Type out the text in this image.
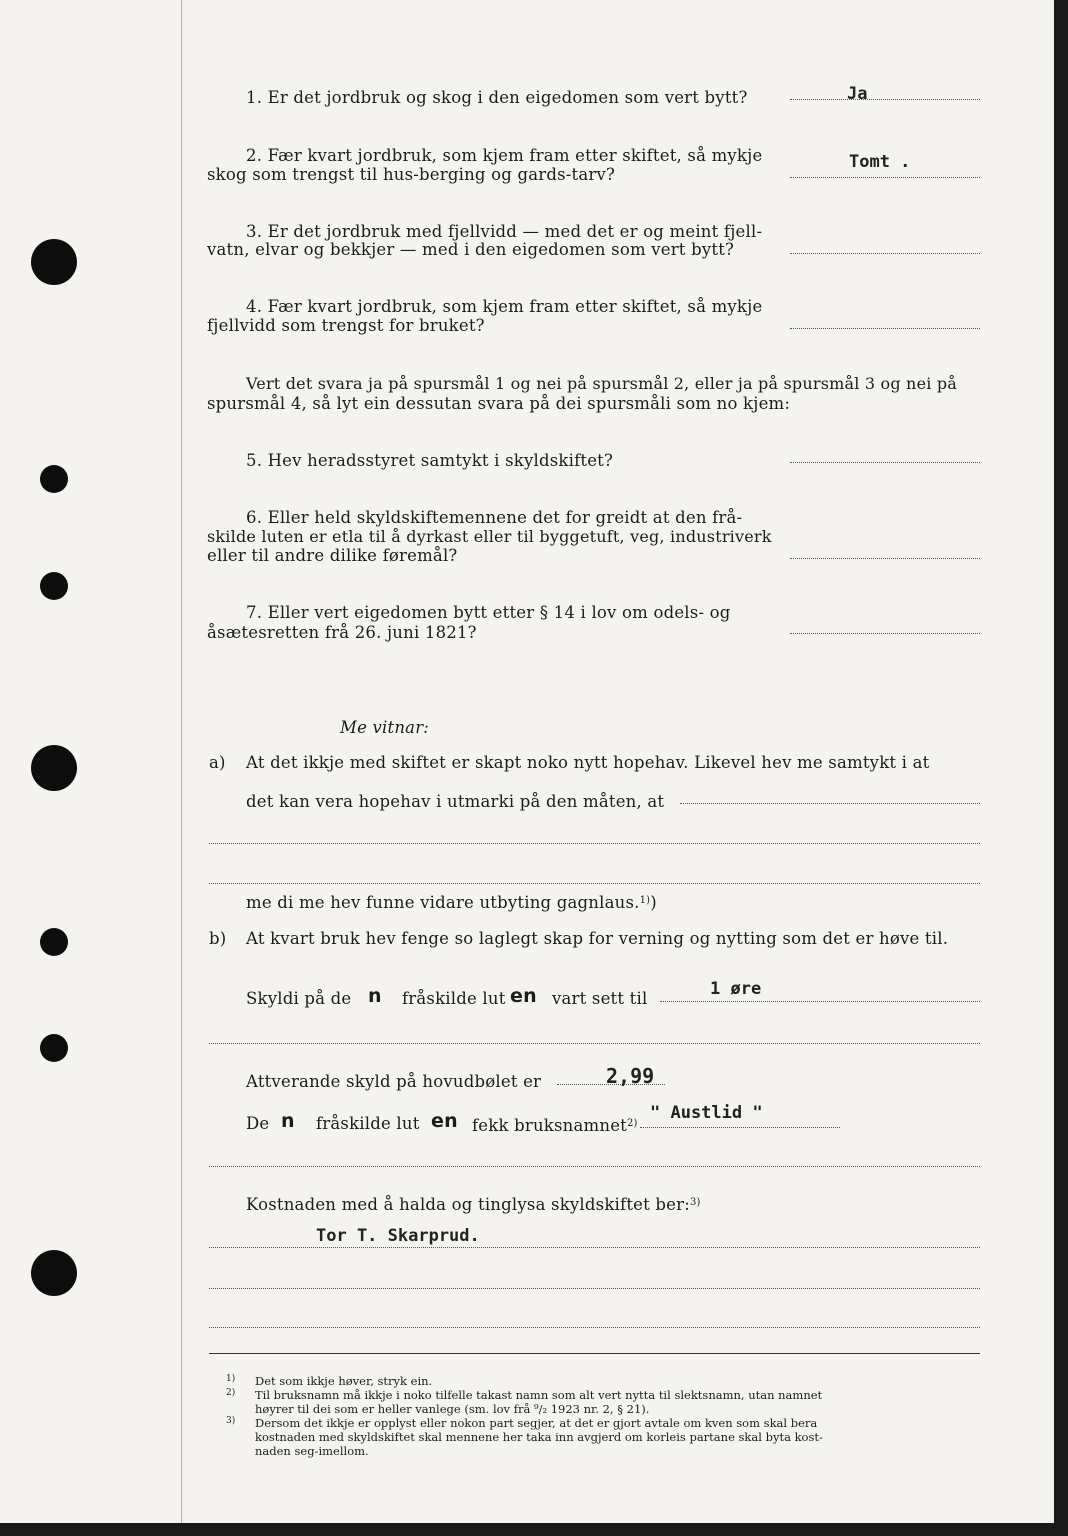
1. Er det jordbruk og skog i den eigedomen som vert bytt?	Ja
2. Fær kvart jordbruk, som kjem fram etter skiftet, så mykje
skog som trengst til hus-berging og gards-tarv?
Tomt .
3. Er det jordbruk med fjellvidd — med det er og meint fjell-
vatn, elvar og bekkjer — med i den eigedomen som vert bytt?
4. Fær kvart jordbruk, som kjem fram etter skiftet, så mykje
fjellvidd som trengst for bruket?
Vert det svara ja på spursmål 1 og nei på spursmål 2, eller ja på spursmål 3 og nei på
spursmål 4, så lyt ein dessutan svara på dei spursmåli som no kjem:
5. Hev heradsstyret samtykt i skyldskiftet?
6. Eller held skyldskiftemennene det for greidt at den frå-
skilde luten er etla til å dyrkast eller til byggetuft, veg, industriverk
eller til andre dilike føremål?
7. Eller vert eigedomen bytt etter § 14 i lov om odels- og
åsætesretten frå 26. juni 1821?
Me vitnar:
a) At det ikkje med skiftet er skapt noko nytt hopehav. Likevel hev me samtykt i at
det kan vera hopehav i utmarki på den måten, at
me di me hev funne vidare utbyting gagnlaus.$^{1)}$)
b) At kvart bruk hev fenge so laglegt skap for verning og nytting som det er høve til.
Skyldi på de n fråskilde lut en vart sett til	1 øre
Attverande skyld på hovudbølet er	2,99
De n fråskilde lut en fekk bruksnamnet$^{2)}$
" Austlid "
Kostnaden med å halda og tinglysa skyldskiftet ber:$^{3)}$
Tor T. Skarprud.
1) Det som ikkje høver, stryk ein.
2) Til bruksnamn må ikkje i noko tilfelle takast namn som alt vert nytta til slektsnamn, utan namnet
høyrer til dei som er heller vanlege (sm. lov frå ⁹/₂ 1923 nr. 2, § 21).
3) Dersom det ikkje er opplyst eller nokon part segjer, at det er gjort avtale om kven som skal bera
kostnaden med skyldskiftet skal mennene her taka inn avgjerd om korleis partane skal byta kost-
naden seg-imellom.
